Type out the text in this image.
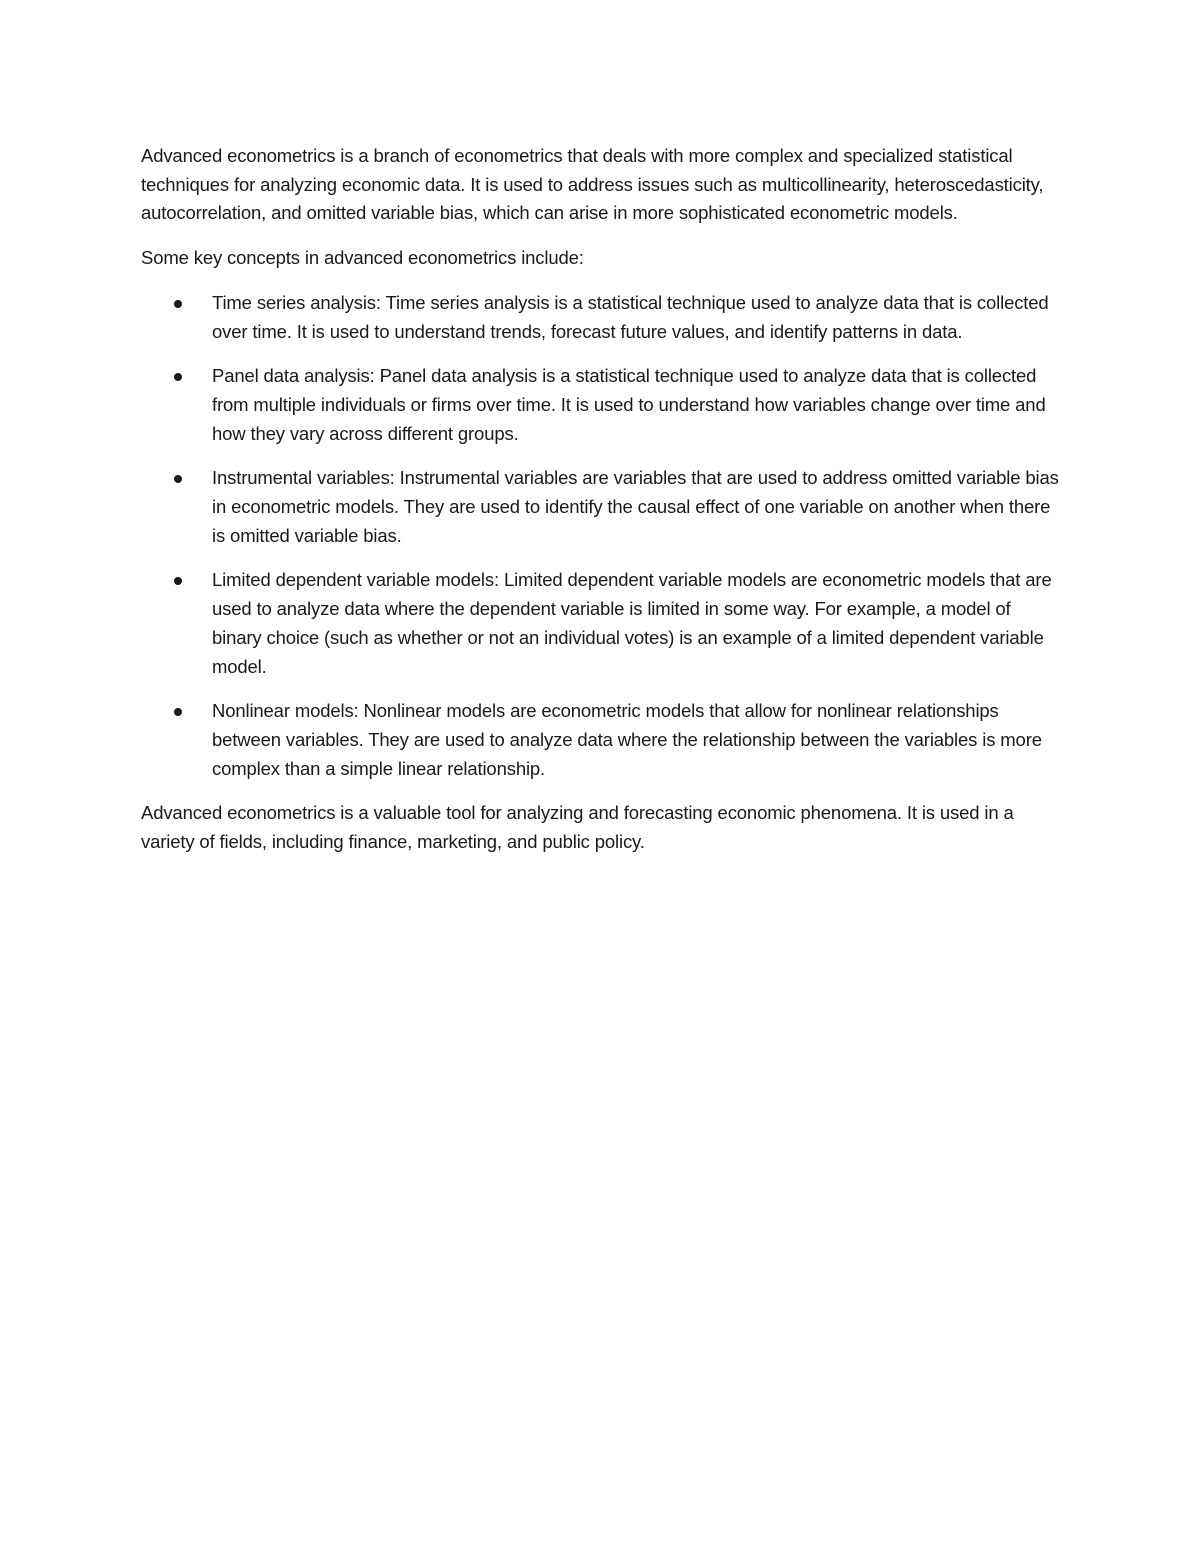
Advanced econometrics is a branch of econometrics that deals with more complex and specialized statistical techniques for analyzing economic data. It is used to address issues such as multicollinearity, heteroscedasticity, autocorrelation, and omitted variable bias, which can arise in more sophisticated econometric models.

Some key concepts in advanced econometrics include:

Time series analysis: Time series analysis is a statistical technique used to analyze data that is collected over time. It is used to understand trends, forecast future values, and identify patterns in data.
Panel data analysis: Panel data analysis is a statistical technique used to analyze data that is collected from multiple individuals or firms over time. It is used to understand how variables change over time and how they vary across different groups.
Instrumental variables: Instrumental variables are variables that are used to address omitted variable bias in econometric models. They are used to identify the causal effect of one variable on another when there is omitted variable bias.
Limited dependent variable models: Limited dependent variable models are econometric models that are used to analyze data where the dependent variable is limited in some way. For example, a model of binary choice (such as whether or not an individual votes) is an example of a limited dependent variable model.
Nonlinear models: Nonlinear models are econometric models that allow for nonlinear relationships between variables. They are used to analyze data where the relationship between the variables is more complex than a simple linear relationship.

Advanced econometrics is a valuable tool for analyzing and forecasting economic phenomena. It is used in a variety of fields, including finance, marketing, and public policy.
